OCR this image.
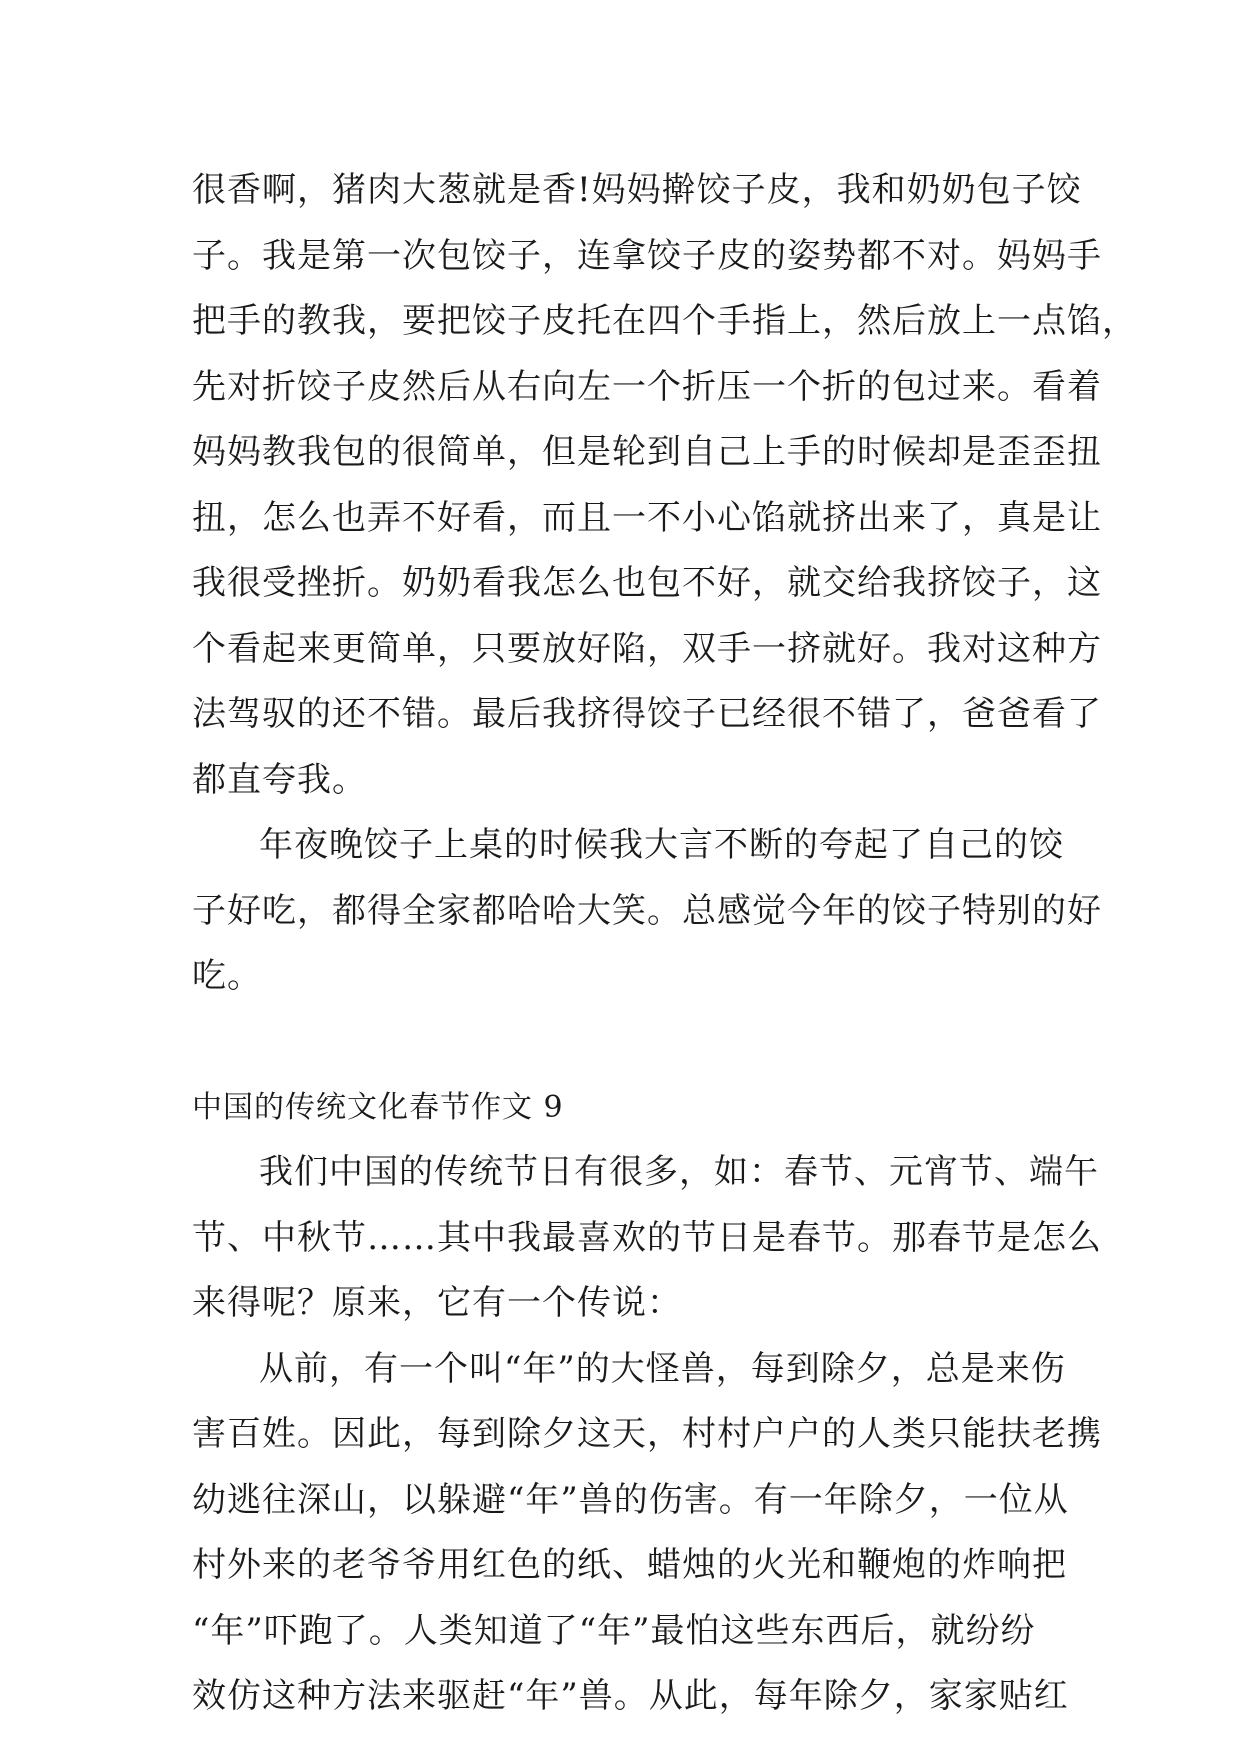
很香啊，猪肉大葱就是香!妈妈擀饺子皮，我和奶奶包子饺
子。我是第一次包饺子，连拿饺子皮的姿势都不对。妈妈手
把手的教我，要把饺子皮托在四个手指上，然后放上一点馅，
先对折饺子皮然后从右向左一个折压一个折的包过来。看着
妈妈教我包的很简单，但是轮到自己上手的时候却是歪歪扭
扭，怎么也弄不好看，而且一不小心馅就挤出来了，真是让
我很受挫折。奶奶看我怎么也包不好，就交给我挤饺子，这
个看起来更简单，只要放好陷，双手一挤就好。我对这种方
法驾驭的还不错。最后我挤得饺子已经很不错了，爸爸看了
都直夸我。
年夜晚饺子上桌的时候我大言不断的夸起了自己的饺
子好吃，都得全家都哈哈大笑。总感觉今年的饺子特别的好
吃。
中国的传统文化春节作文 9
我们中国的传统节日有很多，如：春节、元宵节、端午
节、中秋节……其中我最喜欢的节日是春节。那春节是怎么
来得呢？原来，它有一个传说：
从前，有一个叫“年”的大怪兽，每到除夕，总是来伤
害百姓。因此，每到除夕这天，村村户户的人类只能扶老携
幼逃往深山，以躲避“年”兽的伤害。有一年除夕，一位从
村外来的老爷爷用红色的纸、蜡烛的火光和鞭炮的炸响把
“年”吓跑了。人类知道了“年”最怕这些东西后，就纷纷
效仿这种方法来驱赶“年”兽。从此，每年除夕，家家贴红
